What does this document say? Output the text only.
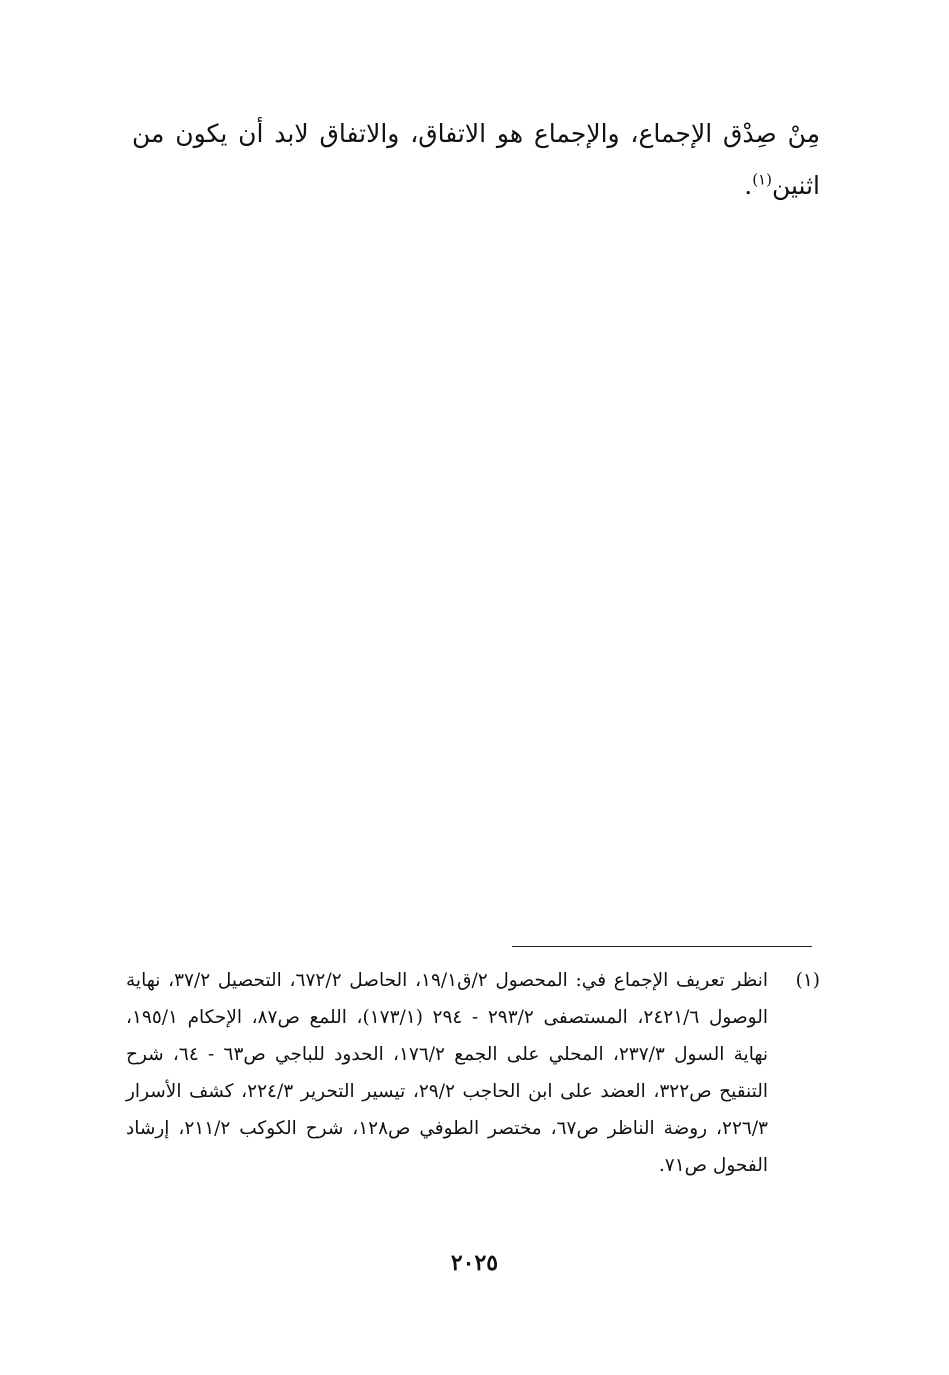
مِنْ صِدْق الإجماع، والإجماع هو الاتفاق، والاتفاق لابد أن يكون من اثنين$^{(١)}$.

(١)
انظر تعريف الإجماع في: المحصول ٢/ق١٩/١، الحاصل ٦٧٢/٢، التحصيل ٣٧/٢، نهاية الوصول ٢٤٢١/٦، المستصفى ٢٩٣/٢ - ٢٩٤ (١٧٣/١)، اللمع ص٨٧، الإحكام ١٩٥/١، نهاية السول ٢٣٧/٣، المحلي على الجمع ١٧٦/٢، الحدود للباجي ص٦٣ - ٦٤، شرح التنقيح ص٣٢٢، العضد على ابن الحاجب ٢٩/٢، تيسير التحرير ٢٢٤/٣، كشف الأسرار ٢٢٦/٣، روضة الناظر ص٦٧، مختصر الطوفي ص١٢٨، شرح الكوكب ٢١١/٢، إرشاد الفحول ص٧١.
٢٠٢٥
